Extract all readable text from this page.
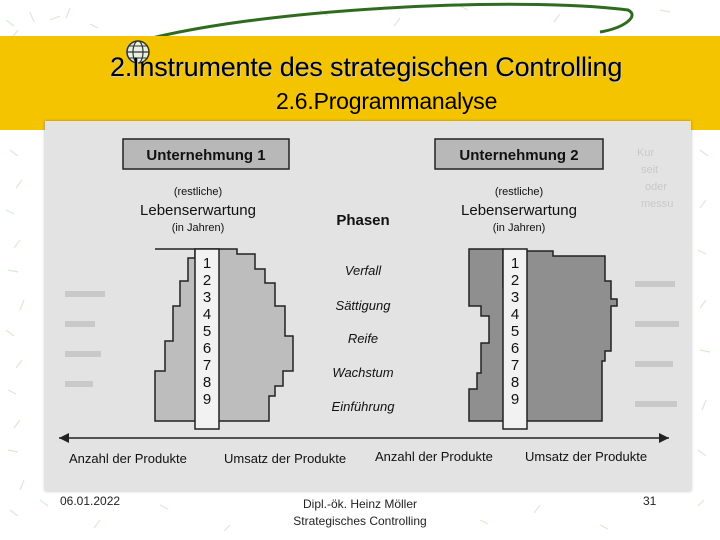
2.Instrumente des strategischen Controlling
2.6.Programmanalyse
Kur
seit
oder
messu
Unternehmung 1	Unternehmung 2
(restliche)
Lebenserwartung
(in Jahren)
(restliche)
Lebenserwartung
(in Jahren)
Phasen
1
2
3
4
5
6
7
8
9
1
2
3
4
5
6
7
8
9
Verfall
Sättigung
Reife
Wachstum
Einführung
Anzahl der Produkte	Umsatz der Produkte Anzahl der Produkte Umsatz der Produkte
06.01.2022	Dipl.-ök. Heinz Möller
Strategisches Controlling
31
